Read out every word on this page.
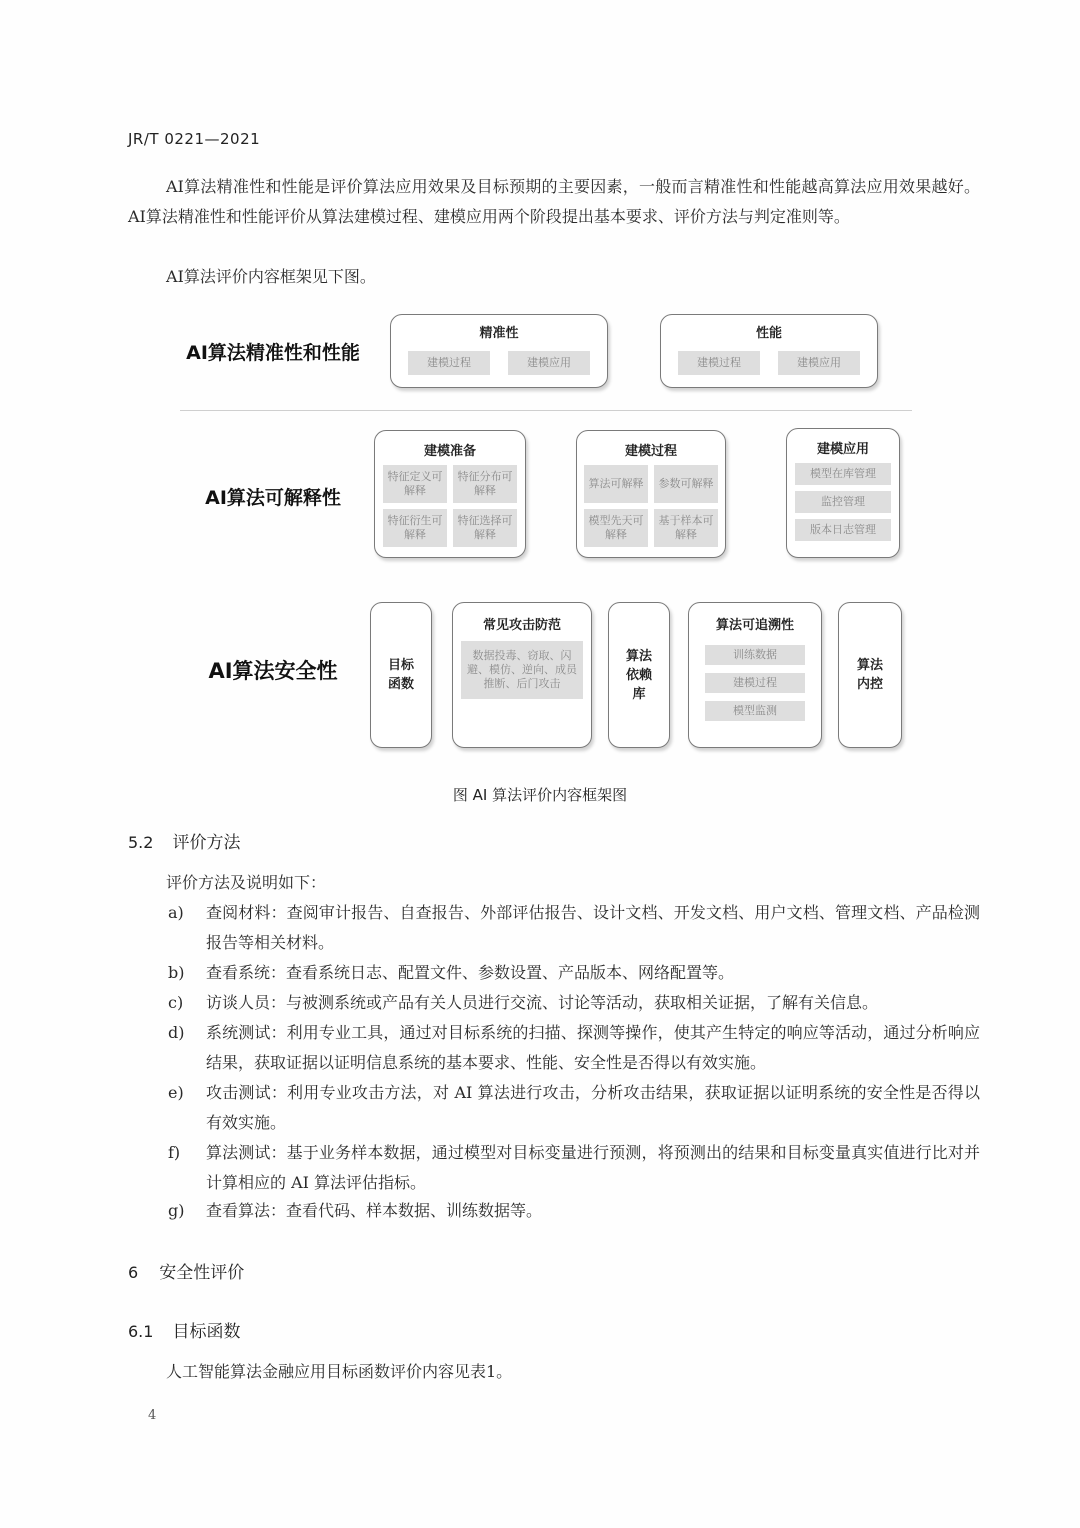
JR/T 0221—2021
AI算法精准性和性能是评价算法应用效果及目标预期的主要因素，一般而言精准性和性能越高算法应用效果越好。AI算法精准性和性能评价从算法建模过程、建模应用两个阶段提出基本要求、评价方法与判定准则等。
AI算法评价内容框架见下图。
AI算法精准性和性能
精准性
建模过程	建模应用
性能
建模过程	建模应用
AI算法可解释性
建模准备
特征定义可解释
特征分布可解释
特征衍生可解释
特征选择可解释
建模过程
算法可解释	参数可解释
模型先天可解释
基于样本可解释
建模应用
模型在库管理
监控管理
版本日志管理
AI算法安全性	目标函数
常见攻击防范
数据投毒、窃取、闪避、模仿、逆向、成员推断、后门攻击
算法依赖库
算法可追溯性
训练数据
建模过程
模型监测
算法内控
图 AI 算法评价内容框架图
5.2 评价方法
评价方法及说明如下：
a) 查阅材料：查阅审计报告、自查报告、外部评估报告、设计文档、开发文档、用户文档、管理文档、产品检测报告等相关材料。
b) 查看系统：查看系统日志、配置文件、参数设置、产品版本、网络配置等。
c) 访谈人员：与被测系统或产品有关人员进行交流、讨论等活动，获取相关证据，了解有关信息。
d) 系统测试：利用专业工具，通过对目标系统的扫描、探测等操作，使其产生特定的响应等活动，通过分析响应结果，获取证据以证明信息系统的基本要求、性能、安全性是否得以有效实施。
e) 攻击测试：利用专业攻击方法，对 AI 算法进行攻击，分析攻击结果，获取证据以证明系统的安全性是否得以有效实施。
f) 算法测试：基于业务样本数据，通过模型对目标变量进行预测，将预测出的结果和目标变量真实值进行比对并计算相应的 AI 算法评估指标。
g) 查看算法：查看代码、样本数据、训练数据等。
6 安全性评价
6.1 目标函数
人工智能算法金融应用目标函数评价内容见表1。
4
